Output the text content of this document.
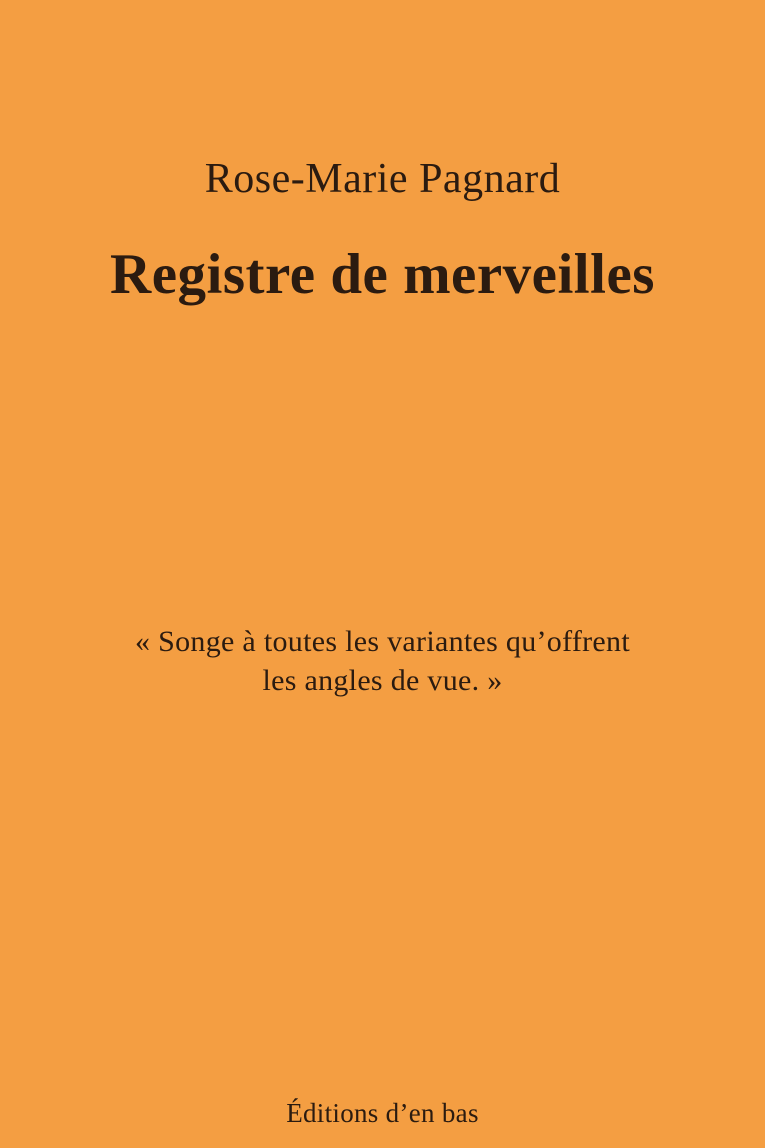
Rose-Marie Pagnard
Registre de merveilles
« Songe à toutes les variantes qu’offrent
les angles de vue. »
Éditions d’en bas
